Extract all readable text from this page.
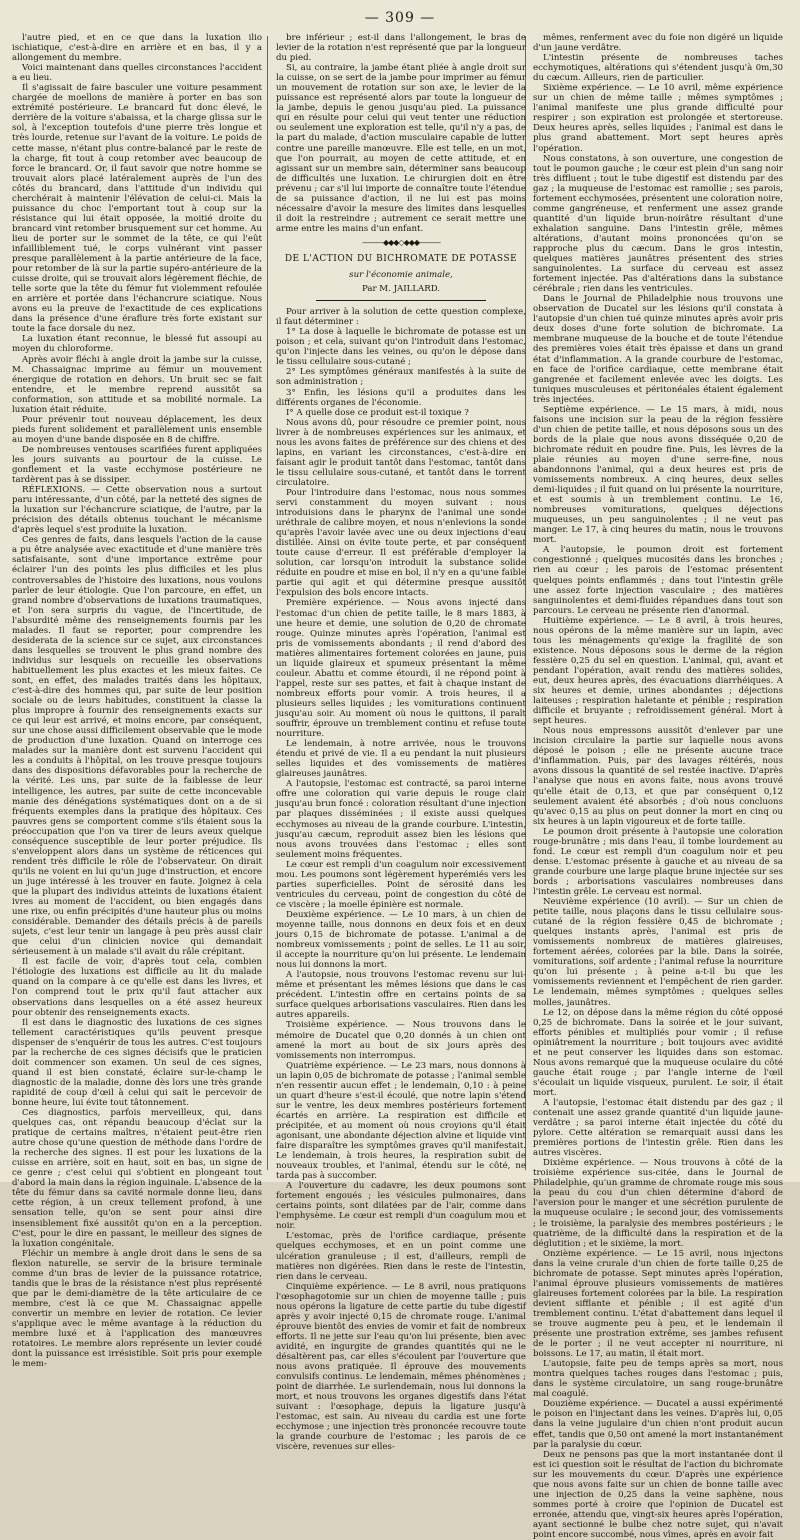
— 309 —

l'autre pied, et en ce que dans la luxation ilio ischiatique, c'est-à-dire en arrière et en bas, il y a allongement du membre.

Voici maintenant dans quelles circonstances l'accident a eu lieu.

Il s'agissait de faire basculer une voiture pesamment chargée de moellons de manière à porter en bas son extrémité postérieure. Le brancard fut donc élevé, le derrière de la voiture s'abaissa, et la charge glissa sur le sol, à l'exception toutefois d'une pierre très longue et très lourde, retenue sur l'avant de la voiture. Le poids de cette masse, n'étant plus contre-balancé par le reste de la charge, fit tout à coup retomber avec beaucoup de force le brancard. Or, il faut savoir que notre homme se trouvait alors placé latéralement auprès de l'un des côtés du brancard, dans l'attitude d'un individu qui cherchérait à maintenir l'élévation de celui-ci. Mais la puissance du choc l'emportant tout à coup sur la résistance qui lui était opposée, la moitié droite du brancard vint retomber brusquement sur cet homme. Au lieu de porter sur le sommet de la tête, ce qui l'eût infailliblement tué, le corps vulnérant vint passer presque parallèlement à la partie antérieure de la face, pour retomber de là sur la partie supéro-antérieure de la cuisse droite, qui se trouvait alors légèrement fléchie, de telle sorte que la tête du fémur fut violemment refoulée en arrière et portée dans l'échancrure sciatique. Nous avons eu la preuve de l'exactitude de ces explications dans la présence d'une éraflure très forte existant sur toute la face dorsale du nez.

La luxation étant reconnue, le blessé fut assoupi au moyen du chloroforme.

Après avoir fléchi à angle droit la jambe sur la cuisse, M. Chassaignac imprime au fémur un mouvement énergique de rotation en dehors. Un bruit sec se fait entendre, et le membre reprend aussitôt sa conformation, son attitude et sa mobilité normale. La luxation était réduite.

Pour prévenir tout nouveau déplacement, les deux pieds furent solidement et parallèlement unis ensemble au moyen d'une bande disposée en 8 de chiffre.

De nombreuses ventouses scarifiées furent appliquées les jours suivants au pourtour de la cuisse. Le gonflement et la vaste ecchymose postérieure ne tardèrent pas à se dissiper.

RÉFLEXIONS. — Cette observation nous a surtout paru intéressante, d'un côté, par la netteté des signes de la luxation sur l'échancrure sciatique, de l'autre, par la précision des détails obtenus touchant le mécanisme d'après lequel s'est produite la luxation.

Ces genres de faits, dans lesquels l'action de la cause a pu être analysée avec exactitude et d'une manière très satisfaisante, sont d'une importance extrême pour éclairer l'un des points les plus difficiles et les plus controversables de l'histoire des luxations, nous voulons parler de leur étiologie. Que l'on parcoure, en effet, un grand nombre d'observations de luxations traumatiques, et l'on sera surpris du vague, de l'incertitude, de l'absurdité même des renseignements fournis par les malades. Il faut se reporter, pour comprendre les desiderata de la science sur ce sujet, aux circonstances dans lesquelles se trouvent le plus grand nombre des individus sur lesquels on recueille les observations habituellement les plus exactes et les mieux faites. Ce sont, en effet, des malades traités dans les hôpitaux, c'est-à-dire des hommes qui, par suite de leur position sociale ou de leurs habitudes, constituent la classe la plus impropre à fournir des renseignements exacts sur ce qui leur est arrivé, et moins encore, par conséquent, sur une chose aussi difficilement observable que le mode de production d'une luxation. Quand on interroge ces malades sur la manière dont est survenu l'accident qui les a conduits à l'hôpital, on les trouve presque toujours dans des dispositions défavorables pour la recherche de la vérité. Les uns, par suite de la faiblesse de leur intelligence, les autres, par suite de cette inconcevable manie des dénégations systématiques dont on a de si fréquents exemples dans la pratique des hôpitaux. Ces pauvres gens se comportent comme s'ils étaient sous la préoccupation que l'on va tirer de leurs aveux quelque conséquence susceptible de leur porter préjudice. Ils s'enveloppent alors dans un système de réticences qui rendent très difficile le rôle de l'observateur. On dirait qu'ils ne voient en lui qu'un juge d'instruction, et encore un juge intéressé à les trouver en faute. Joignez à cela que la plupart des individus atteints de luxations étaient ivres au moment de l'accident, ou bien engagés dans une rixe, ou enfin précipités d'une hauteur plus ou moins considérable. Demander des détails précis à de pareils sujets, c'est leur tenir un langage à peu près aussi clair que celui d'un clinicien novice qui demandait sérieusement à un malade s'il avait du râle crépitant.

Il est facile de voir, d'après tout cela, combien l'étiologie des luxations est difficile au lit du malade quand on la compare à ce qu'elle est dans les livres, et l'on comprend tout le prix qu'il faut attacher aux observations dans lesquelles on a été assez heureux pour obtenir des renseignements exacts.

Il est dans le diagnostic des luxations de ces signes tellement caractéristiques qu'ils peuvent presque dispenser de s'enquérir de tous les autres. C'est toujours par la recherche de ces signes décisifs que le praticien doit commencer son examen. Un seul de ces signes, quand il est bien constaté, éclaire sur-le-champ le diagnostic de la maladie, donne dès lors une très grande rapidité de coup d'œil à celui qui sait le percevoir de bonne heure, lui évite tout tâtonnement.

Ces diagnostics, parfois merveilleux, qui, dans quelques cas, ont répandu beaucoup d'éclat sur la pratique de certains maîtres, n'étaient peut-être rien autre chose qu'une question de méthode dans l'ordre de la recherche des signes. Il est pour les luxations de la cuisse en arrière, soit en haut, soit en bas, un signe de ce genre ; c'est celui qui s'obtient en plongeant tout d'abord la main dans la région inguinale. L'absence de la tête du fémur dans sa cavité normale donne lieu, dans cette région, à un creux tellement profond, à une sensation telle, qu'on se sent pour ainsi dire insensiblement fixé aussitôt qu'on en a la perception. C'est, pour le dire en passant, le meilleur des signes de la luxation congénitale.

Fléchir un membre à angle droit dans le sens de sa flexion naturelle, se servir de la brisure terminale comme d'un bras de levier de la puissance rotatrice, tandis que le bras de la résistance n'est plus représenté que par le demi-diamètre de la tête articulaire de ce membre, c'est là ce que M. Chassaignac appelle convertir un membre en levier de rotation. Ce levier s'applique avec le même avantage à la réduction du membre luxé et à l'application des manœuvres rotatoires. Le membre alors représente un levier coudé dont la puissance est irrésistible. Soit pris pour exemple le mem-

bre inférieur ; est-il dans l'allongement, le bras de levier de la rotation n'est représenté que par la longueur du pied.

Si, au contraire, la jambe étant pliée à angle droit sur la cuisse, on se sert de la jambe pour imprimer au fémur un mouvement de rotation sur son axe, le levier de la puissance est représenté alors par toute la longueur de la jambe, depuis le genou jusqu'au pied. La puissance qui en résulte pour celui qui veut tenter une réduction ou seulement une exploration est telle, qu'il n'y a pas, de la part du malade, d'action musculaire capable de lutter contre une pareille manœuvre. Elle est telle, en un mot, que l'on pourrait, au moyen de cette attitude, et en agissant sur un membre sain, déterminer sans beaucoup de difficultés une luxation. Le chirurgien doit en être prévenu ; car s'il lui importe de connaître toute l'étendue de sa puissance d'action, il ne lui est pas moins nécessaire d'avoir la mesure des limites dans lesquelles il doit la restreindre ; autrement ce serait mettre une arme entre les mains d'un enfant.

———◆◆◆◇◆◆◆———
DE L'ACTION DU BICHROMATE DE POTASSE
sur l'économie animale,
Par M. JAILLARD.

Pour arriver à la solution de cette question complexe, il faut déterminer :

1° La dose à laquelle le bichromate de potasse est un poison ; et cela, suivant qu'on l'introduit dans l'estomac, qu'on l'injecte dans les veines, ou qu'on le dépose dans le tissu cellulaire sous-cutané ;

2° Les symptômes généraux manifestés à la suite de son administration ;

3° Enfin, les lésions qu'il a produites dans les différents organes de l'économie.

I° A quelle dose ce produit est-il toxique ?

Nous avons dû, pour résoudre ce premier point, nous livrer à de nombreuses expériences sur les animaux, et nous les avons faites de préférence sur des chiens et des lapins, en variant les circonstances, c'est-à-dire en faisant agir le produit tantôt dans l'estomac, tantôt dans le tissu cellulaire sous-cutané, et tantôt dans le torrent circulatoire.

Pour l'introduire dans l'estomac, nous nous sommes servi constamment du moyen suivant : nous introduisions dans le pharynx de l'animal une sonde uréthrale de calibre moyen, et nous n'enlevions la sonde qu'après l'avoir lavée avec une ou deux injections d'eau distillée. Ainsi on évite toute perte, et par conséquent toute cause d'erreur. Il est préférable d'employer la solution, car lorsqu'on introduit la substance solide réduite en poudre et mise en bol, il n'y en a qu'une faible partie qui agit et qui détermine presque aussitôt l'expulsion des bols encore intacts.

Première expérience. — Nous avons injecté dans l'estomac d'un chien de petite taille, le 8 mars 1883, à une heure et demie, une solution de 0,20 de chromate rouge. Quinze minutes après l'opération, l'animal est pris de vomissements abondants ; il rend d'abord des matières alimentaires fortement colorées en jaune, puis un liquide glaireux et spumeux présentant la même couleur. Abattu et comme étourdi, il ne répond point à l'appel, reste sur ses pattes, et fait à chaque instant de nombreux efforts pour vomir. A trois heures, il a plusieurs selles liquides ; les vomiturations continuent jusqu'au soir. Au moment où nous le quittons, il paraît souffrir, éprouve un tremblement continu et refuse toute nourriture.

Le lendemain, à notre arrivée, nous le trouvons étendu et privé de vie. Il a eu pendant la nuit plusieurs selles liquides et des vomissements de matières glaireuses jaunâtres.

A l'autopsie, l'estomac est contracté, sa paroi interne offre une coloration qui varie depuis le rouge clair jusqu'au brun foncé : coloration résultant d'une injection par plaques disséminées ; il existe aussi quelques ecchymoses au niveau de la grande courbure. L'intestin, jusqu'au cæcum, reproduit assez bien les lésions que nous avons trouvées dans l'estomac ; elles sont seulement moins fréquentes.

Le cœur est rempli d'un coagulum noir excessivement mou. Les poumons sont légèrement hyperémiés vers les parties superficielles. Point de sérosité dans les ventricules du cerveau, point de congestion du côté de ce viscère ; la moelle épinière est normale.

Deuxième expérience. — Le 10 mars, à un chien de moyenne taille, nous donnons en deux fois et en deux jours 0,15 de bichromate de potasse. L'animal a de nombreux vomissements ; point de selles. Le 11 au soir, il accepte la nourriture qu'on lui présente. Le lendemain nous lui donnons la mort.

A l'autopsie, nous trouvons l'estomac revenu sur lui-même et présentant les mêmes lésions que dans le cas précédent. L'intestin offre en certains points de sa surface quelques arborisations vasculaires. Rien dans les autres appareils.

Troisième expérience. — Nous trouvons dans le mémoire de Ducatel que 0,20 donnés à un chien ont amené la mort au bout de six jours après des vomissements non interrompus.

Quatrième expérience. — Le 23 mars, nous donnons à un lapin 0,05 de bichromate de potasse ; l'animal semble n'en ressentir aucun effet ; le lendemain, 0,10 : à peine un quart d'heure s'est-il écoulé, que notre lapin s'étend sur le ventre, les deux membres postérieurs fortement écartés en arrière. La respiration est difficile et précipitée, et au moment où nous croyions qu'il était agonisant, une abondante déjection alvine et liquide vint faire disparaître les symptômes graves qu'il manifestait. Le lendemain, à trois heures, la respiration subit de nouveaux troubles, et l'animal, étendu sur le côté, ne tarda pas à succomber.

A l'ouverture du cadavre, les deux poumons sont fortement engoués ; les vésicules pulmonaires, dans certains points, sont dilatées par de l'air, comme dans l'emphysème. Le cœur est rempli d'un coagulum mou et noir.

L'estomac, près de l'orifice cardiaque, présente quelques ecchymoses, et en un point comme une ulcération granuleuse ; il est, d'ailleurs, rempli de matières non digérées. Rien dans le reste de l'intestin, rien dans le cerveau.

Cinquième expérience. — Le 8 avril, nous pratiquons l'œsophagotomie sur un chien de moyenne taille ; puis nous opérons la ligature de cette partie du tube digestif après y avoir injecté 0,15 de chromate rouge. L'animal éprouve bientôt des envies de vomir et fait de nombreux efforts. Il ne jette sur l'eau qu'on lui présente, bien avec avidité, en ingurgite de grandes quantités qui ne le désaltèrent pas, car elles s'écoulent par l'ouverture que nous avons pratiquée. Il éprouve des mouvements convulsifs continus. Le lendemain, mêmes phénomènes ; point de diarrhée. Le surlendemain, nous lui donnons la mort, et nous trouvons les organes digestifs dans l'état suivant : l'œsophage, depuis la ligature jusqu'à l'estomac, est sain. Au niveau du cardia est une forte ecchymose ; une injection très prononcée recouvre toute la grande courbure de l'estomac ; les parois de ce viscère, revenues sur elles-

mêmes, renferment avec du foie non digéré un liquide d'un jaune verdâtre.

L'intestin présente de nombreuses taches ecchymotiques, altérations qui s'étendent jusqu'à 0m,30 du cæcum. Ailleurs, rien de particulier.

Sixième expérience. — Le 10 avril, même expérience sur un chien de même taille ; mêmes symptômes ; l'animal manifeste une plus grande difficulté pour respirer ; son expiration est prolongée et stertoreuse. Deux heures après, selles liquides ; l'animal est dans le plus grand abattement. Mort sept heures après l'opération.

Nous constatons, à son ouverture, une congestion de tout le poumon gauche ; le cœur est plein d'un sang noir très diffluent ; tout le tube digestif est distendu par des gaz ; la muqueuse de l'estomac est ramollie ; ses parois, fortement ecchymosées, présentent une coloration noire, comme gangréneuse, et renferment une assez grande quantité d'un liquide brun-noirâtre résultant d'une exhalation sanguine. Dans l'intestin grêle, mêmes altérations, d'autant moins prononcées qu'on se rapproche plus du cæcum. Dans le gros intestin, quelques matières jaunâtres présentent des stries sanguinolentes. La surface du cerveau est assez fortement injectée. Pas d'altérations dans la substance cérébrale ; rien dans les ventricules.

Dans le Journal de Philadelphie nous trouvons une observation de Ducatel sur les lésions qu'il constata à l'autopsie d'un chien tué quinze minutes après avoir pris deux doses d'une forte solution de bichromate. La membrane muqueuse de la bouche et de toute l'étendue des premières voies était très épaisse et dans un grand état d'inflammation. A la grande courbure de l'estomac, en face de l'orifice cardiaque, cette membrane était gangrenée et facilement enlevée avec les doigts. Les tuniques musculeuses et péritonéales étaient également très injectées.

Septième expérience. — Le 15 mars, à midi, nous faisons une incision sur la peau de la région fessière d'un chien de petite taille, et nous déposons sous un des bords de la plaie que nous avons disséquée 0,20 de bichromate réduit en poudre fine. Puis, les lèvres de la plaie réunies au moyen d'une serre-fine, nous abandonnons l'animal, qui a deux heures est pris de vomissements nombreux. A cinq heures, deux selles demi-liquides ; il fuit quand on lui présente la nourriture, et est soumis à un tremblement continu. Le 16, nombreuses vomiturations, quelques déjections muqueuses, un peu sanguinolentes ; il ne veut pas manger. Le 17, à cinq heures du matin, nous le trouvons mort.

A l'autopsie, le poumon droit est fortement congestionné ; quelques mucosités dans les bronches ; rien au cœur ; les parois de l'estomac présentent quelques points enflammés ; dans tout l'intestin grêle une assez forte injection vasculaire ; des matières sanguinolentes et demi-fluides répandues dans tout son parcours. Le cerveau ne présente rien d'anormal.

Huitième expérience. — Le 8 avril, à trois heures, nous opérons de la même manière sur un lapin, avec tous les ménagements qu'exige la fragilité de son existence. Nous déposons sous le derme de la région fessière 0,25 du sel en question. L'animal, qui, avant et pendant l'opération, avait rendu des matières solides, eut, deux heures après, des évacuations diarrhéiques. A six heures et demie, urines abondantes ; déjections laiteuses ; respiration haletante et pénible ; respiration difficile et bruyante ; refroidissement général. Mort à sept heures.

Nous nous empressons aussitôt d'enlever par une incision circulaire la partie sur laquelle nous avons déposé le poison ; elle ne présente aucune trace d'inflammation. Puis, par des lavages réitérés, nous avons dissous la quantité de sel restée inactive. D'après l'analyse que nous en avons faite, nous avons trouvé qu'elle était de 0,13, et que par conséquent 0,12 seulement avaient été absorbés ; d'où nous concluons qu'avec 0,15 au plus on peut donner la mort en cinq ou six heures à un lapin vigoureux et de forte taille.

Le poumon droit présente à l'autopsie une coloration rouge-brunâtre ; mis dans l'eau, il tombe lourdement au fond. Le cœur est rempli d'un coagulum noir et peu dense. L'estomac présente à gauche et au niveau de sa grande courbure une large plaque brune injectée sur ses bords ; arborisations vasculaires nombreuses dans l'intestin grêle. Le cerveau est normal.

Neuvième expérience (10 avril). — Sur un chien de petite taille, nous plaçons dans le tissu cellulaire sous-cutané de la région fessière 0,45 de bichromate ; quelques instants après, l'animal est pris de vomissements nombreux de matières glaireuses, fortement aérées, colorées par la bile. Dans la soirée, vomiturations, soif ardente ; l'animal refuse la nourriture qu'on lui présente ; à peine a-t-il bu que les vomissements reviennent et l'empêchent de rien garder. Le lendemain, mêmes symptômes ; quelques selles molles, jaunâtres.

Le 12, on dépose dans la même région du côté opposé 0,25 de bichromate. Dans la soirée et le jour suivant, efforts pénibles et multipliés pour vomir ; il refuse opiniâtrement la nourriture ; boit toujours avec avidité et ne peut conserver les liquides dans son estomac. Nous avons remarqué que la muqueuse oculaire du côté gauche était rouge ; par l'angle interne de l'œil s'écoulait un liquide visqueux, purulent. Le soir, il était mort.

A l'autopsie, l'estomac était distendu par des gaz ; il contenait une assez grande quantité d'un liquide jaune-verdâtre ; sa paroi interne était injectée du côté du pylore. Cette altération se remarquait aussi dans les premières portions de l'intestin grêle. Rien dans les autres viscères.

Dixième expérience. — Nous trouvons à côté de la troisième expérience sus-citée, dans le Journal de Philadelphie, qu'un gramme de chromate rouge mis sous la peau du cou d'un chien détermine d'abord de l'aversion pour le manger et une sécrétion purulente de la muqueuse oculaire ; le second jour, des vomissements ; le troisième, la paralysie des membres postérieurs ; le quatrième, de la difficulté dans la respiration et de la déglutition ; et le sixième, la mort.

Onzième expérience. — Le 15 avril, nous injectons dans la veine crurale d'un chien de forte taille 0,25 de bichromate de potasse. Sept minutes après l'opération, l'animal éprouve plusieurs vomissements de matières glaireuses fortement colorées par la bile. La respiration devient sifflante et pénible ; il est agité d'un tremblement continu. L'état d'abattement dans lequel il se trouve augmente peu à peu, et le lendemain il présente une prostration extrême, ses jambes refusent de le porter ; il ne veut accepter ni nourriture, ni boissons. Le 17, au matin, il était mort.

L'autopsie, faite peu de temps après sa mort, nous montra quelques taches rouges dans l'estomac ; puis, dans le système circulatoire, un sang rouge-brunâtre mal coagulé.

Douzième expérience. — Ducatel a aussi expérimenté le poison en l'injectant dans les veines. D'après lui, 0,05 dans la veine jugulaire d'un chien n'ont produit aucun effet, tandis que 0,50 ont amené la mort instantanément par la paralysie du cœur.

Deux ne pensons pas que la mort instantanée dont il est ici question soit le résultat de l'action du bichromate sur les mouvements du cœur. D'après une expérience que nous avons faite sur un chien de bonne taille avec une injection de 0,25 dans la veine saphène, nous sommes porté à croire que l'opinion de Ducatel est erronée, attendu que, vingt-six heures après l'opération, ayant sectionné le bulbe chez notre sujet, qui n'avait point encore succombé, nous vîmes, après en avoir fait
